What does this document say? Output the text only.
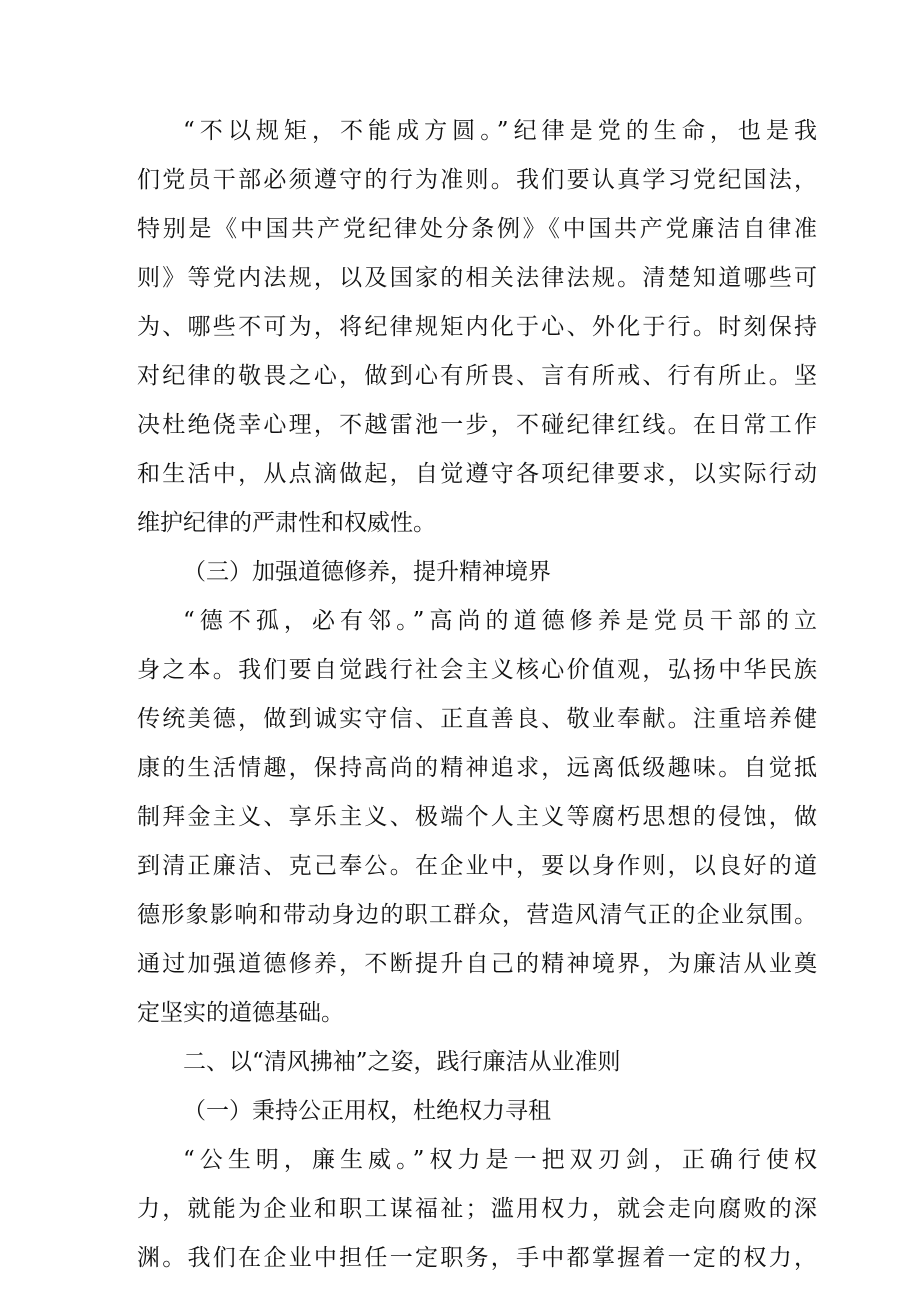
“不以规矩，不能成方圆。”纪律是党的生命，也是我

们党员干部必须遵守的行为准则。我们要认真学习党纪国法，

特别是《中国共产党纪律处分条例》《中国共产党廉洁自律准

则》等党内法规，以及国家的相关法律法规。清楚知道哪些可

为、哪些不可为，将纪律规矩内化于心、外化于行。时刻保持

对纪律的敬畏之心，做到心有所畏、言有所戒、行有所止。坚

决杜绝侥幸心理，不越雷池一步，不碰纪律红线。在日常工作

和生活中，从点滴做起，自觉遵守各项纪律要求，以实际行动

维护纪律的严肃性和权威性。

（三）加强道德修养，提升精神境界

“德不孤，必有邻。”高尚的道德修养是党员干部的立

身之本。我们要自觉践行社会主义核心价值观，弘扬中华民族

传统美德，做到诚实守信、正直善良、敬业奉献。注重培养健

康的生活情趣，保持高尚的精神追求，远离低级趣味。自觉抵

制拜金主义、享乐主义、极端个人主义等腐朽思想的侵蚀，做

到清正廉洁、克己奉公。在企业中，要以身作则，以良好的道

德形象影响和带动身边的职工群众，营造风清气正的企业氛围。

通过加强道德修养，不断提升自己的精神境界，为廉洁从业奠

定坚实的道德基础。

二、以“清风拂袖”之姿，践行廉洁从业准则

（一）秉持公正用权，杜绝权力寻租

“公生明，廉生威。”权力是一把双刃剑，正确行使权

力，就能为企业和职工谋福祉；滥用权力，就会走向腐败的深

渊。我们在企业中担任一定职务，手中都掌握着一定的权力，
